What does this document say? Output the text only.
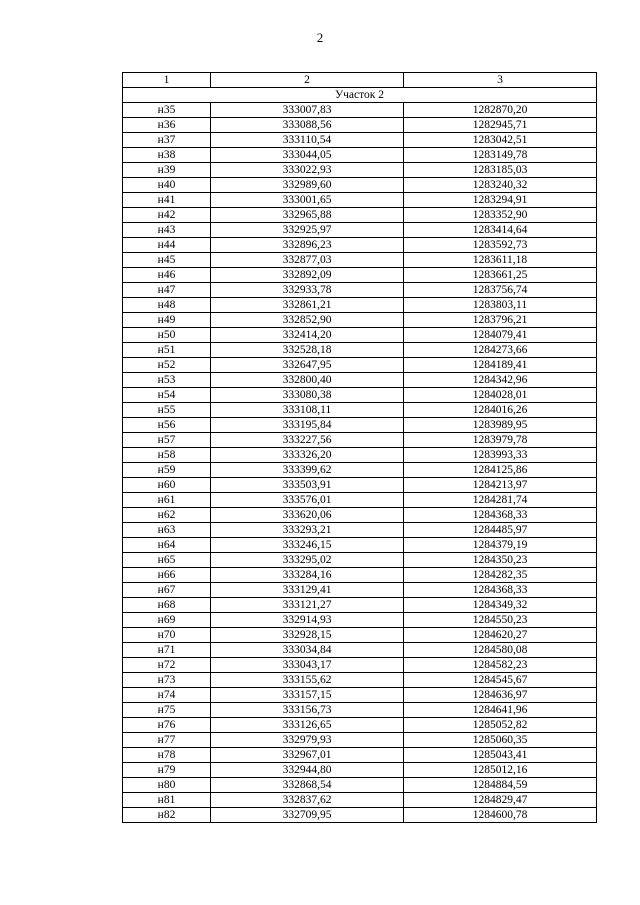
2
1	2	3
Участок 2		
н35	333007,83	1282870,20
н36	333088,56	1282945,71
н37	333110,54	1283042,51
н38	333044,05	1283149,78
н39	333022,93	1283185,03
н40	332989,60	1283240,32
н41	333001,65	1283294,91
н42	332965,88	1283352,90
н43	332925,97	1283414,64
н44	332896,23	1283592,73
н45	332877,03	1283611,18
н46	332892,09	1283661,25
н47	332933,78	1283756,74
н48	332861,21	1283803,11
н49	332852,90	1283796,21
н50	332414,20	1284079,41
н51	332528,18	1284273,66
н52	332647,95	1284189,41
н53	332800,40	1284342,96
н54	333080,38	1284028,01
н55	333108,11	1284016,26
н56	333195,84	1283989,95
н57	333227,56	1283979,78
н58	333326,20	1283993,33
н59	333399,62	1284125,86
н60	333503,91	1284213,97
н61	333576,01	1284281,74
н62	333620,06	1284368,33
н63	333293,21	1284485,97
н64	333246,15	1284379,19
н65	333295,02	1284350,23
н66	333284,16	1284282,35
н67	333129,41	1284368,33
н68	333121,27	1284349,32
н69	332914,93	1284550,23
н70	332928,15	1284620,27
н71	333034,84	1284580,08
н72	333043,17	1284582,23
н73	333155,62	1284545,67
н74	333157,15	1284636,97
н75	333156,73	1284641,96
н76	333126,65	1285052,82
н77	332979,93	1285060,35
н78	332967,01	1285043,41
н79	332944,80	1285012,16
н80	332868,54	1284884,59
н81	332837,62	1284829,47
н82	332709,95	1284600,78
